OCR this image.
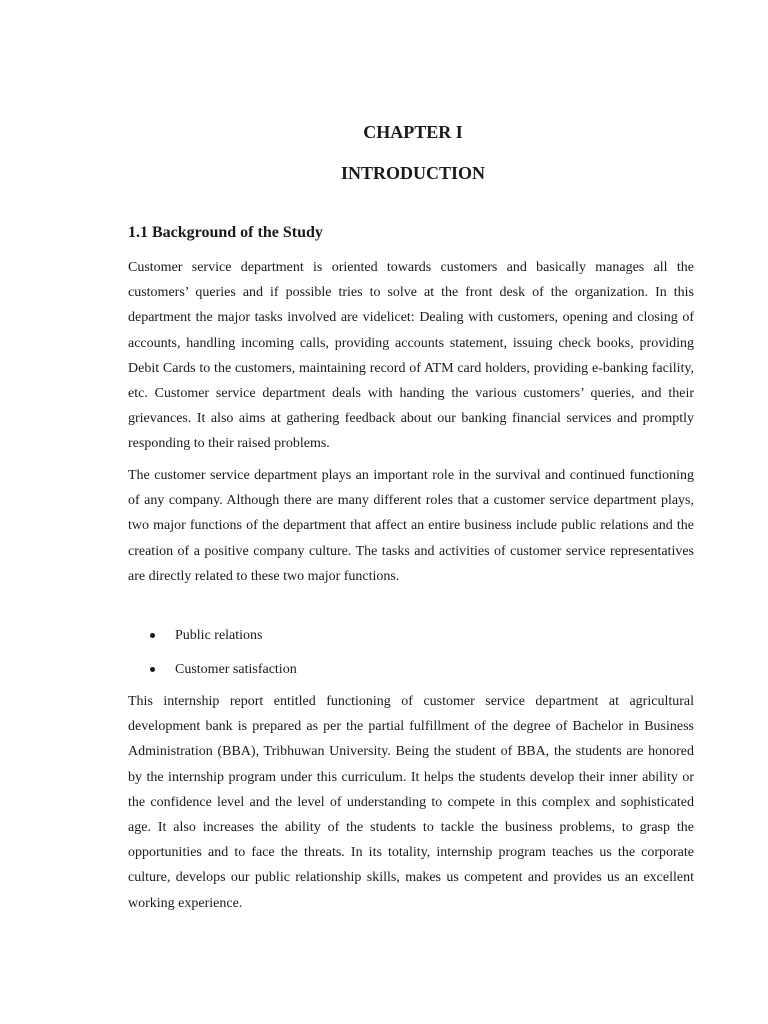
CHAPTER I
INTRODUCTION
1.1 Background of the Study

Customer service department is oriented towards customers and basically manages all the customers’ queries and if possible tries to solve at the front desk of the organization. In this department the major tasks involved are videlicet: Dealing with customers, opening and closing of accounts, handling incoming calls, providing accounts statement, issuing check books, providing Debit Cards to the customers, maintaining record of ATM card holders, providing e-banking facility, etc. Customer service department deals with handing the various customers’ queries, and their grievances. It also aims at gathering feedback about our banking financial services and promptly responding to their raised problems.

The customer service department plays an important role in the survival and continued functioning of any company. Although there are many different roles that a customer service department plays, two major functions of the department that affect an entire business include public relations and the creation of a positive company culture. The tasks and activities of customer service representatives are directly related to these two major functions.

Public relations
Customer satisfaction

This internship report entitled functioning of customer service department at agricultural development bank is prepared as per the partial fulfillment of the degree of Bachelor in Business Administration (BBA), Tribhuwan University. Being the student of BBA, the students are honored by the internship program under this curriculum. It helps the students develop their inner ability or the confidence level and the level of understanding to compete in this complex and sophisticated age. It also increases the ability of the students to tackle the business problems, to grasp the opportunities and to face the threats. In its totality, internship program teaches us the corporate culture, develops our public relationship skills, makes us competent and provides us an excellent working experience.
